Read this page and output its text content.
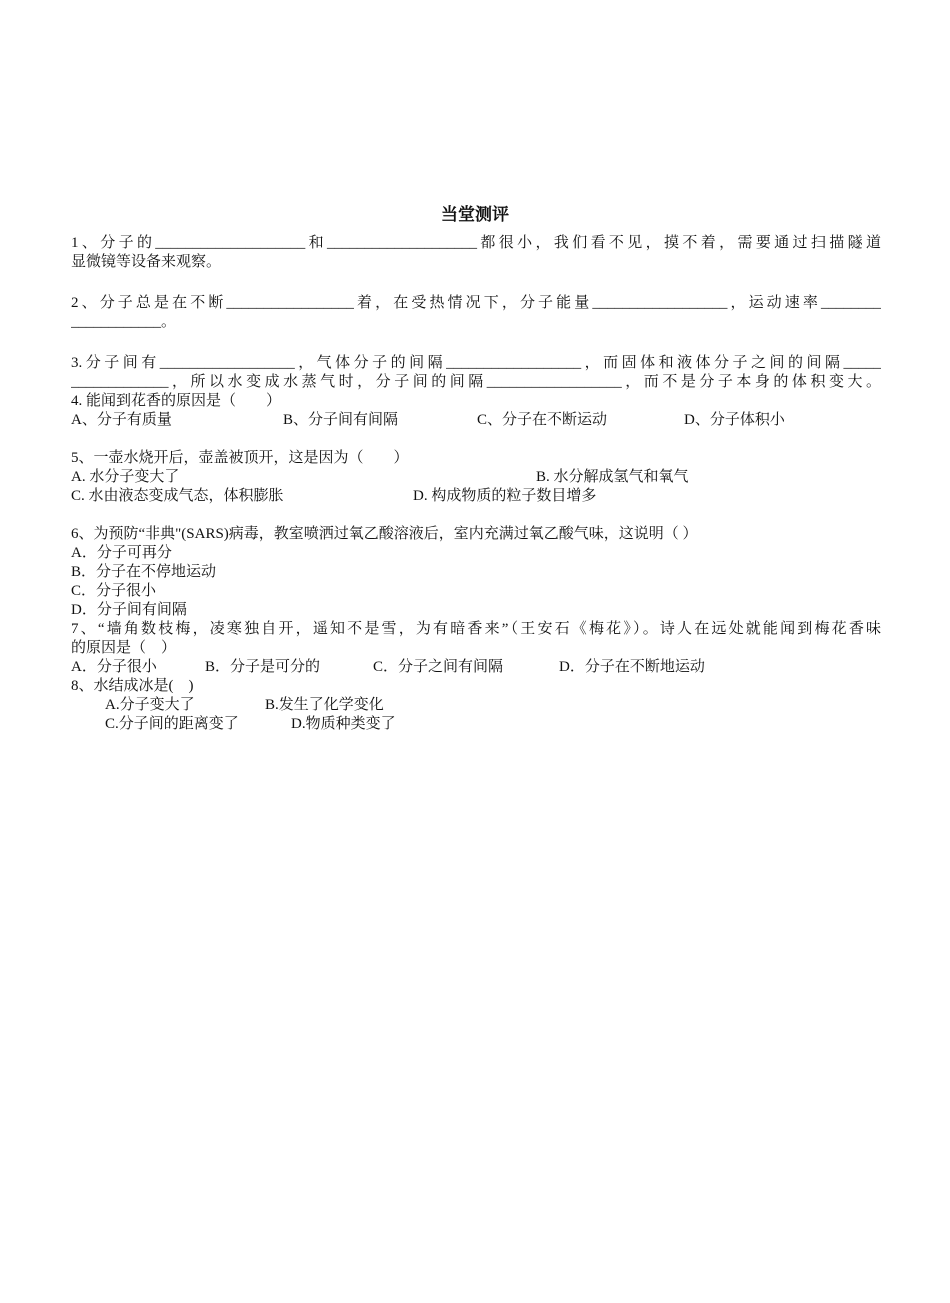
当堂测评
1、分子的____________________和____________________都很小，我们看不见，摸不着，需要通过扫描隧道
显微镜等设备来观察。
2、分子总是在不断_________________着，在受热情况下，分子能量__________________，运动速率________
____________。
3.分子间有__________________，气体分子的间隔__________________，而固体和液体分子之间的间隔_____
_____________，所以水变成水蒸气时，分子间的间隔__________________，而不是分子本身的体积变大。
4. 能闻到花香的原因是（　　）
A、分子有质量	B、分子间有间隔	C、分子在不断运动	D、分子体积小
5、一壶水烧开后，壶盖被顶开，这是因为（　　）
A. 水分子变大了	B. 水分解成氢气和氧气
C. 水由液态变成气态，体积膨胀	D. 构成物质的粒子数目增多
6、为预防“非典"(SARS)病毒，教室喷洒过氧乙酸溶液后，室内充满过氧乙酸气味，这说明（ ）
A．分子可再分
B．分子在不停地运动
C．分子很小
D．分子间有间隔
7、“墙角数枝梅，凌寒独自开，遥知不是雪，为有暗香来”（王安石《梅花》）。诗人在远处就能闻到梅花香味
的原因是（　）
A．分子很小	B．分子是可分的	C．分子之间有间隔	D．分子在不断地运动
8、水结成冰是(　)
A.分子变大了	B.发生了化学变化
C.分子间的距离变了	D.物质种类变了
